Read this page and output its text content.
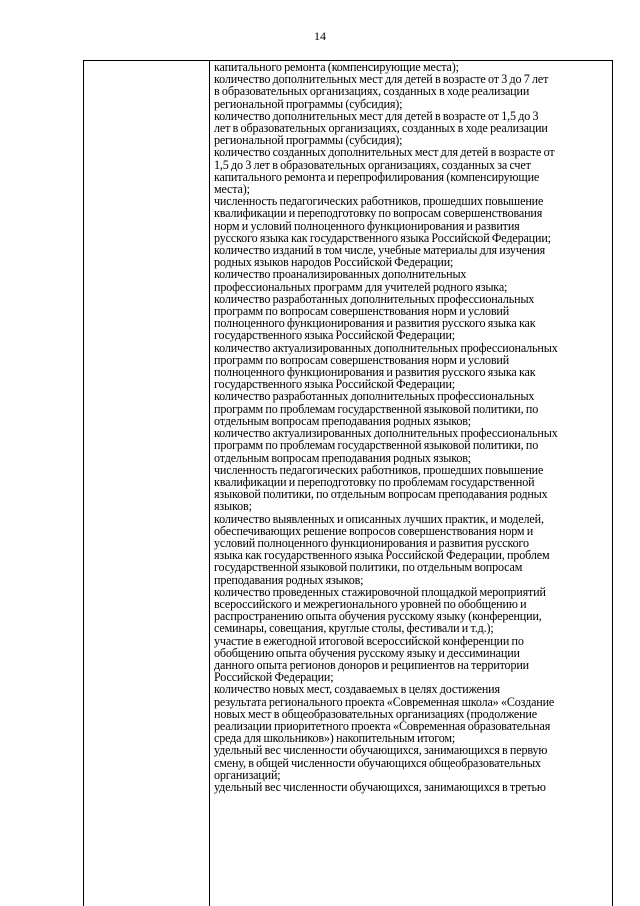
14
капитального ремонта (компенсирующие места);
количество дополнительных мест для детей в возрасте от 3 до 7 лет
в образовательных организациях, созданных в ходе реализации
региональной программы (субсидия);
количество дополнительных мест для детей в возрасте от 1,5 до 3
лет в образовательных организациях, созданных в ходе реализации
региональной программы (субсидия);
количество созданных дополнительных мест для детей в возрасте от
1,5 до 3 лет в образовательных организациях, созданных за счет
капитального ремонта и перепрофилирования (компенсирующие
места);
численность педагогических работников, прошедших повышение
квалификации и переподготовку по вопросам совершенствования
норм и условий полноценного функционирования и развития
русского языка как государственного языка Российской Федерации;
количество изданий в том числе, учебные материалы для изучения
родных языков народов Российской Федерации;
количество проанализированных дополнительных
профессиональных программ для учителей родного языка;
количество разработанных дополнительных профессиональных
программ по вопросам совершенствования норм и условий
полноценного функционирования и развития русского языка как
государственного языка Российской Федерации;
количество актуализированных дополнительных профессиональных
программ по вопросам совершенствования норм и условий
полноценного функционирования и развития русского языка как
государственного языка Российской Федерации;
количество разработанных дополнительных профессиональных
программ по проблемам государственной языковой политики, по
отдельным вопросам преподавания родных языков;
количество актуализированных дополнительных профессиональных
программ по проблемам государственной языковой политики, по
отдельным вопросам преподавания родных языков;
численность педагогических работников, прошедших повышение
квалификации и переподготовку по проблемам государственной
языковой политики, по отдельным вопросам преподавания родных
языков;
количество выявленных и описанных лучших практик, и моделей,
обеспечивающих решение вопросов совершенствования норм и
условий полноценного функционирования и развития русского
языка как государственного языка Российской Федерации, проблем
государственной языковой политики, по отдельным вопросам
преподавания родных языков;
количество проведенных стажировочной площадкой мероприятий
всероссийского и межрегионального уровней по обобщению и
распространению опыта обучения русскому языку (конференции,
семинары, совещания, круглые столы, фестивали и т.д.);
участие в ежегодной итоговой всероссийской конференции по
обобщению опыта обучения русскому языку и дессиминации
данного опыта регионов доноров и реципиентов на территории
Российской Федерации;
количество новых мест, создаваемых в целях достижения
результата регионального проекта «Современная школа» «Создание
новых мест в общеобразовательных организациях (продолжение
реализации приоритетного проекта «Современная образовательная
среда для школьников») накопительным итогом;
удельный вес численности обучающихся, занимающихся в первую
смену, в общей численности обучающихся общеобразовательных
организаций;
удельный вес численности обучающихся, занимающихся в третью
